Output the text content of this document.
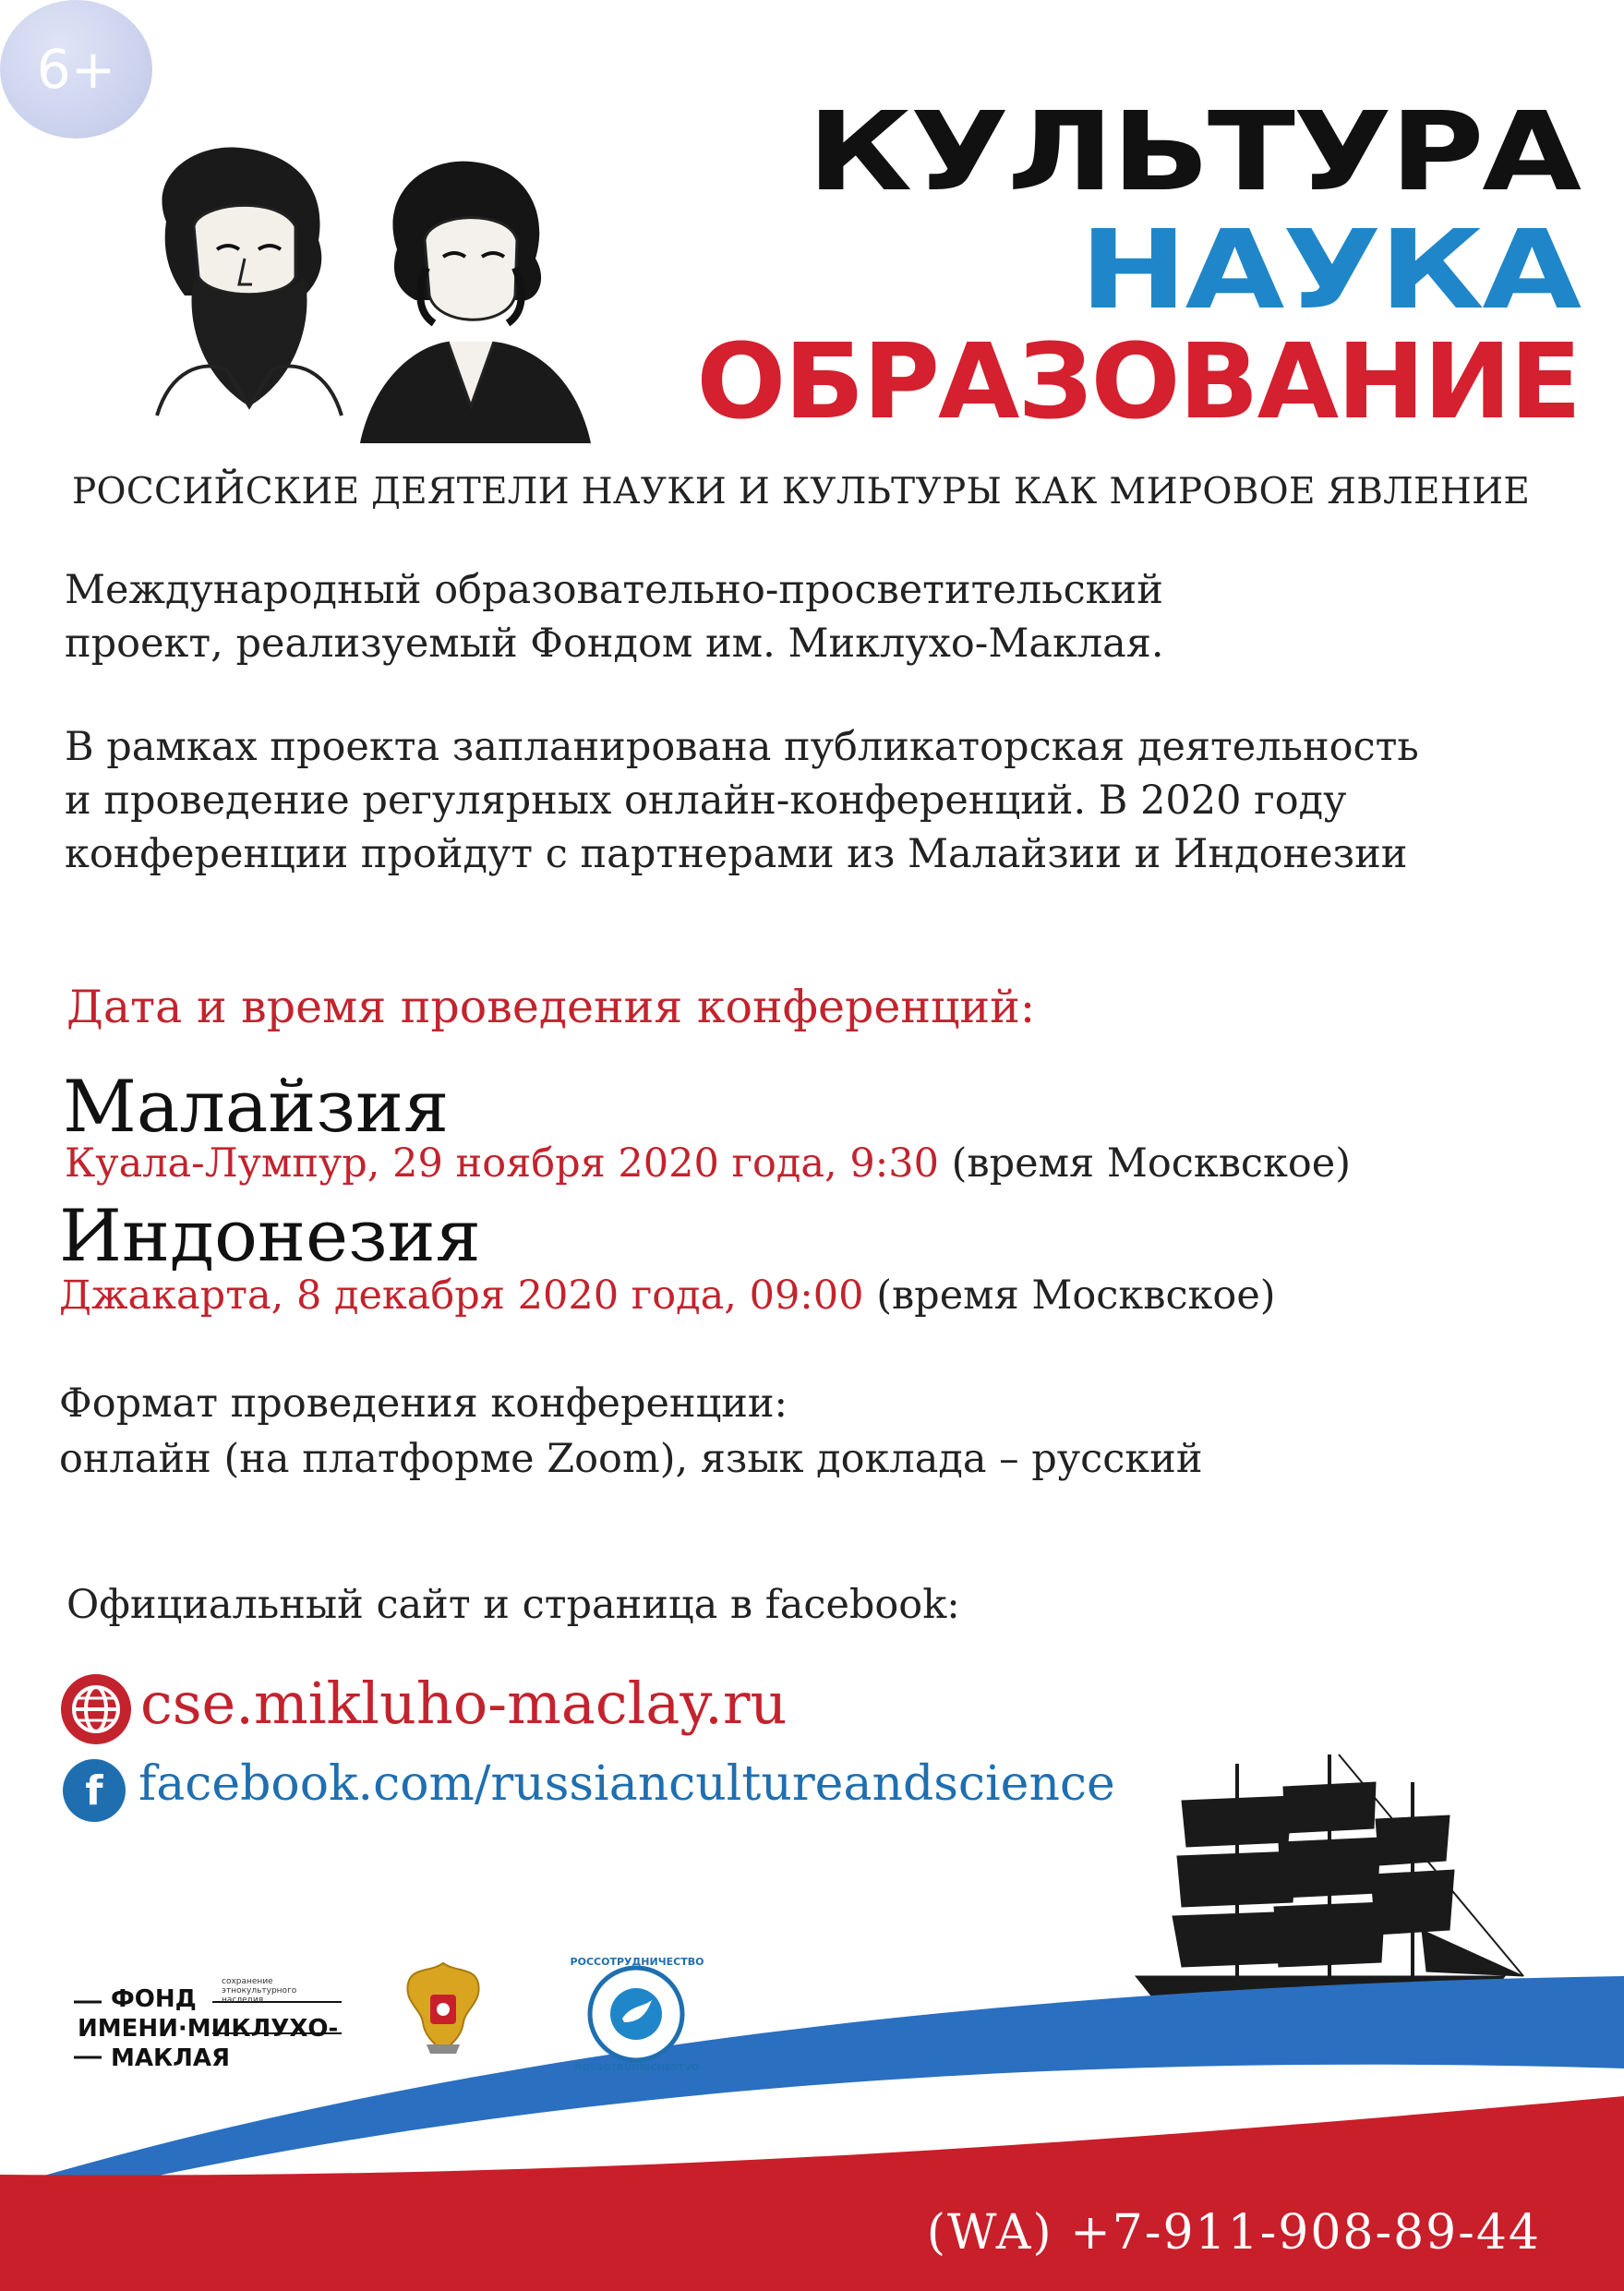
6+
КУЛЬТУРА
НАУКА
ОБРАЗОВАНИЕ
РОССИЙСКИЕ ДЕЯТЕЛИ НАУКИ И КУЛЬТУРЫ КАК МИРОВОЕ ЯВЛЕНИЕ
Международный образовательно-просветительский
проект, реализуемый Фондом им. Миклухо-Маклая.
В рамках проекта запланирована публикаторская деятельность
и проведение регулярных онлайн-конференций. В 2020 году
конференции пройдут с партнерами из Малайзии и Индонезии
Дата и время проведения конференций:
Малайзия
Куала-Лумпур, 29 ноября 2020 года, 9:30 (время Москвское)
Индонезия
Джакарта, 8 декабря 2020 года, 09:00 (время Москвское)
Формат проведения конференции:
онлайн (на платформе Zoom), язык доклада – русский
Официальный сайт и страница в facebook:
cse.mikluho-maclay.ru
f facebook.com/russiancultureandscience
ФОНД
ИМЕНИ·МИКЛУХО-
МАКЛАЯ
сохранение этнокультурного наследия
РОССОТРУДНИЧЕСТВО
ROSSOTRUDNICHESTVO
(WA) +7-911-908-89-44
